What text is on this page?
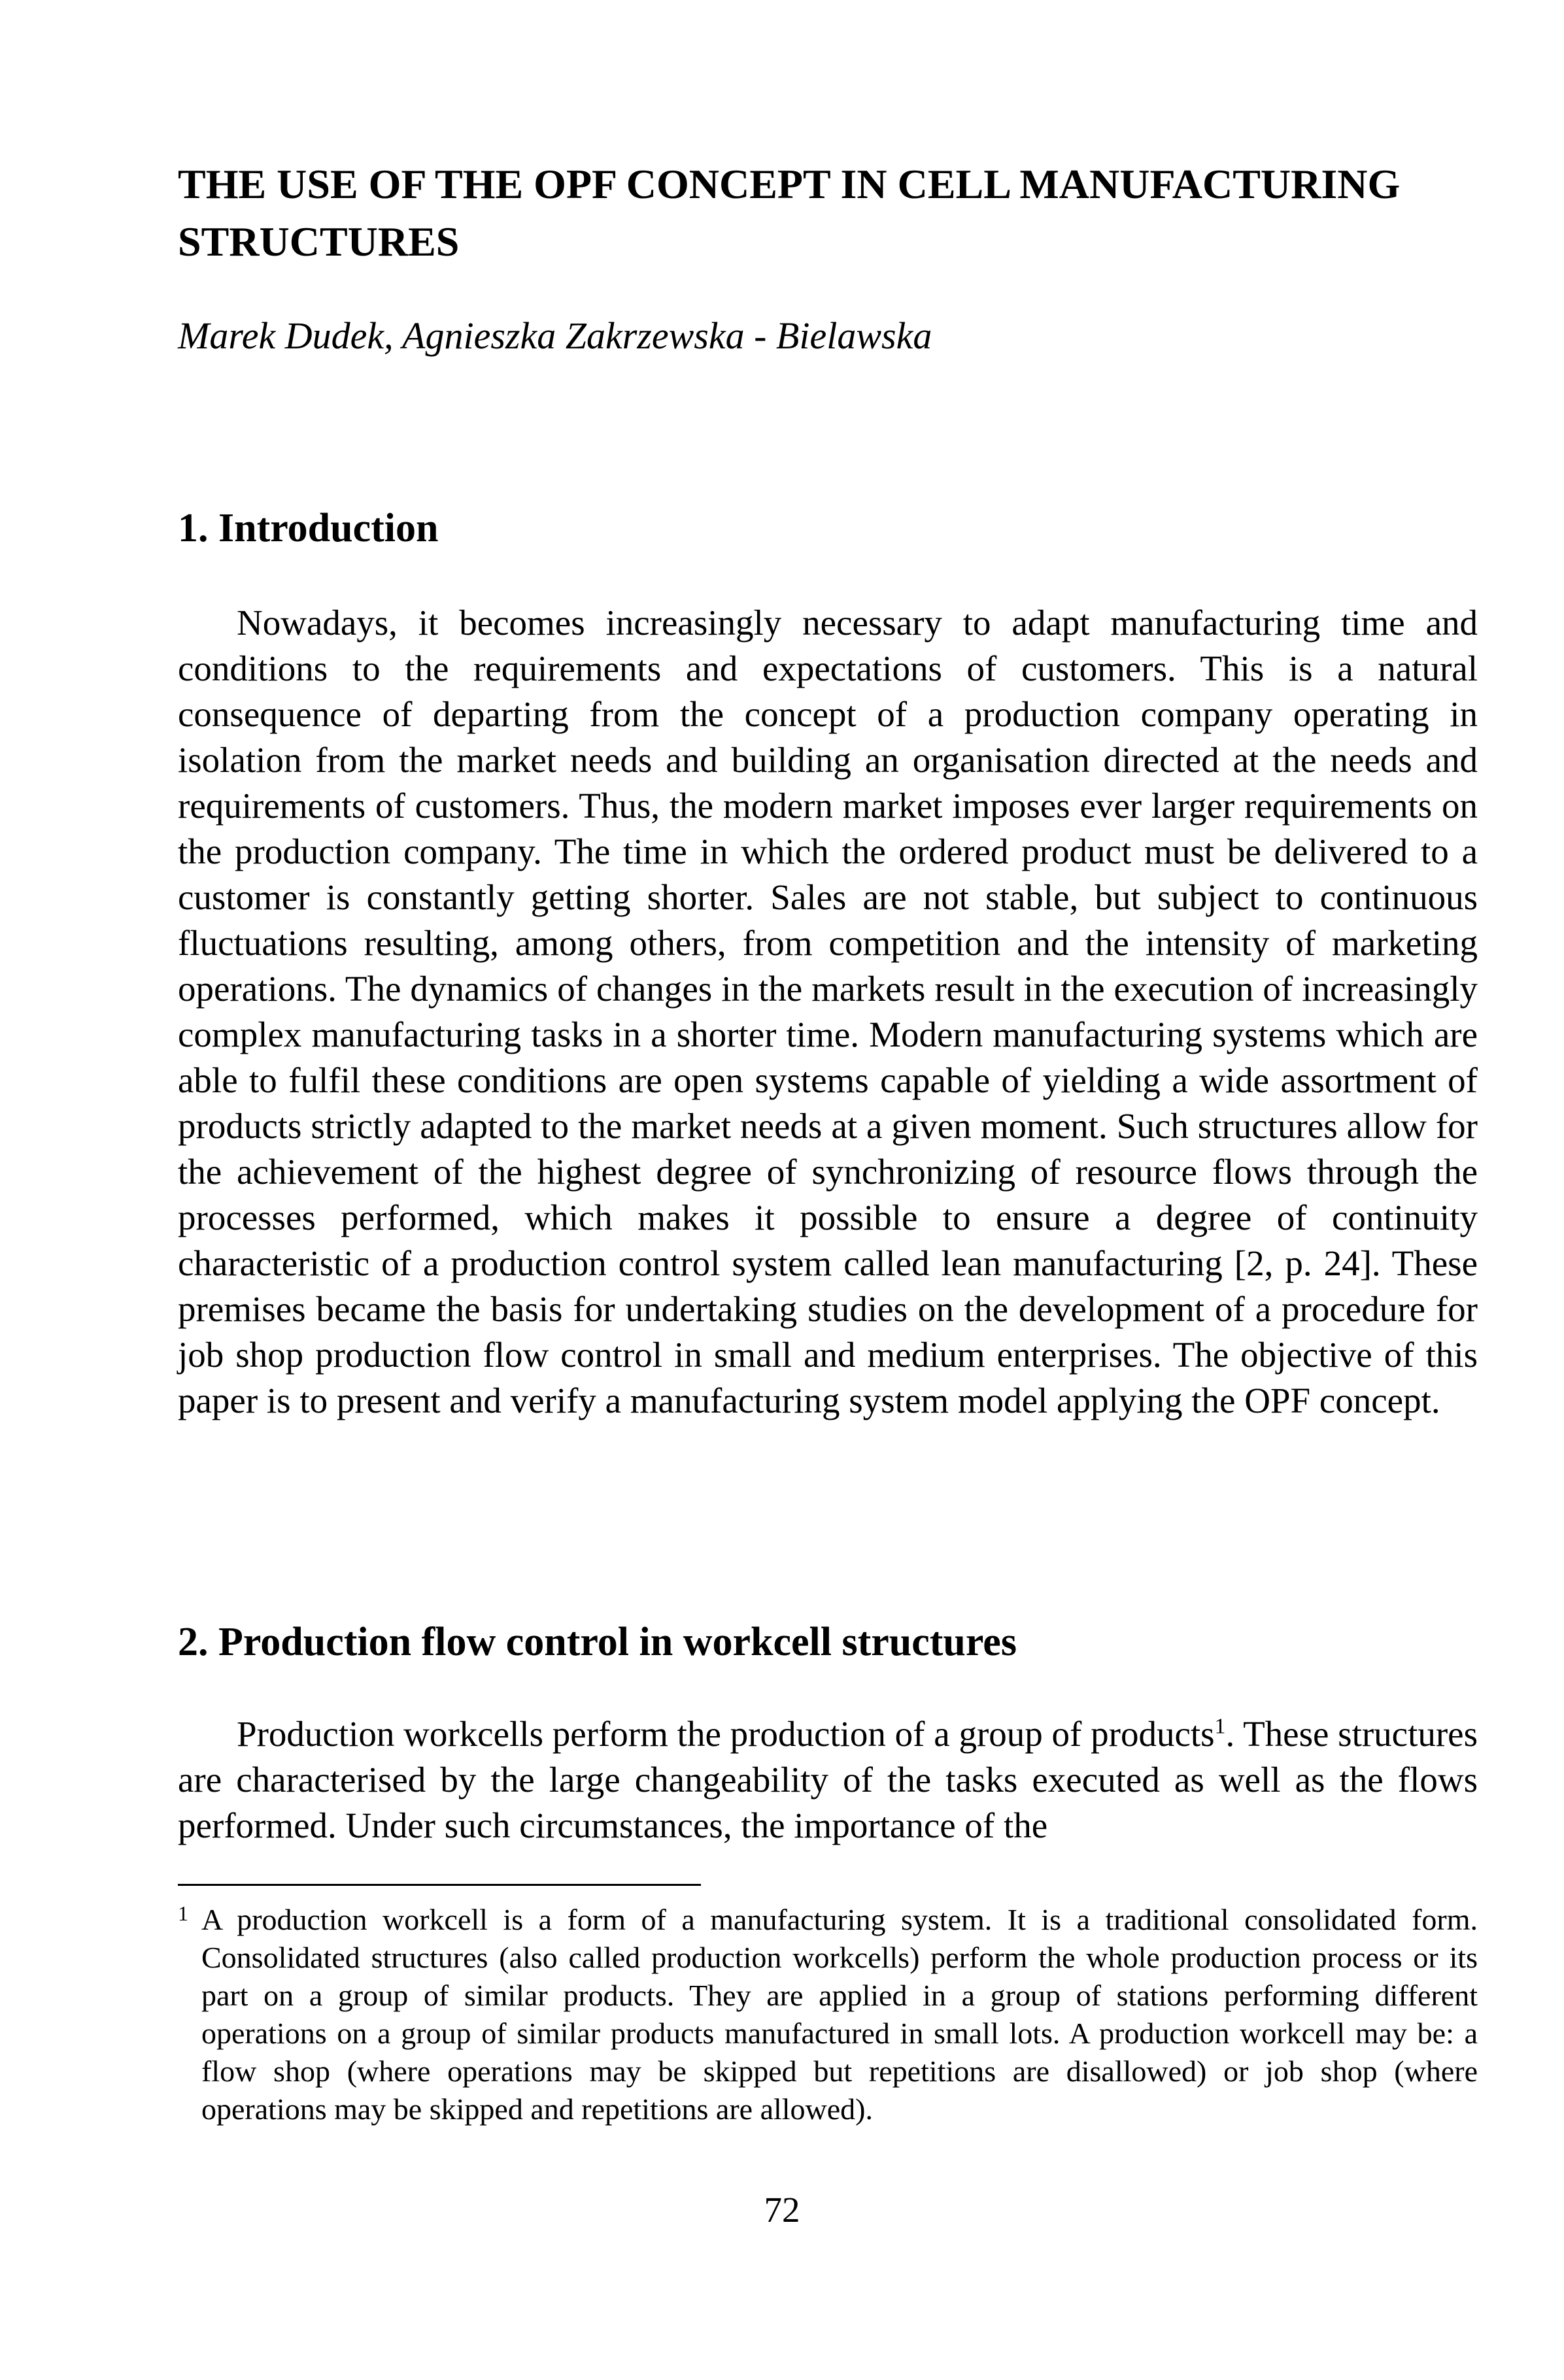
THE USE OF THE OPF CONCEPT IN CELL MANUFACTURING STRUCTURES

Marek Dudek, Agnieszka Zakrzewska - Bielawska

1. Introduction

Nowadays, it becomes increasingly necessary to adapt manufacturing time and conditions to the requirements and expectations of customers. This is a natural consequence of departing from the concept of a production company operating in isolation from the market needs and building an organisation directed at the needs and requirements of customers. Thus, the modern market imposes ever larger requirements on the production company. The time in which the ordered product must be delivered to a customer is constantly getting shorter. Sales are not stable, but subject to continuous fluctuations resulting, among others, from competition and the intensity of marketing operations. The dynamics of changes in the markets result in the execution of increasingly complex manufacturing tasks in a shorter time. Modern manufacturing systems which are able to fulfil these conditions are open systems capable of yielding a wide assortment of products strictly adapted to the market needs at a given moment. Such structures allow for the achievement of the highest degree of synchronizing of resource flows through the processes performed, which makes it possible to ensure a degree of continuity characteristic of a production control system called lean manufacturing [2, p. 24]. These premises became the basis for undertaking studies on the development of a procedure for job shop production flow control in small and medium enterprises. The objective of this paper is to present and verify a manufacturing system model applying the OPF concept.

2. Production flow control in workcell structures

Production workcells perform the production of a group of products$^1$. These structures are characterised by the large changeability of the tasks executed as well as the flows performed. Under such circumstances, the importance of the

1 A production workcell is a form of a manufacturing system. It is a traditional consolidated form. Consolidated structures (also called production workcells) perform the whole production process or its part on a group of similar products. They are applied in a group of stations performing different operations on a group of similar products manufactured in small lots. A production workcell may be: a flow shop (where operations may be skipped but repetitions are disallowed) or job shop (where operations may be skipped and repetitions are allowed).

72
